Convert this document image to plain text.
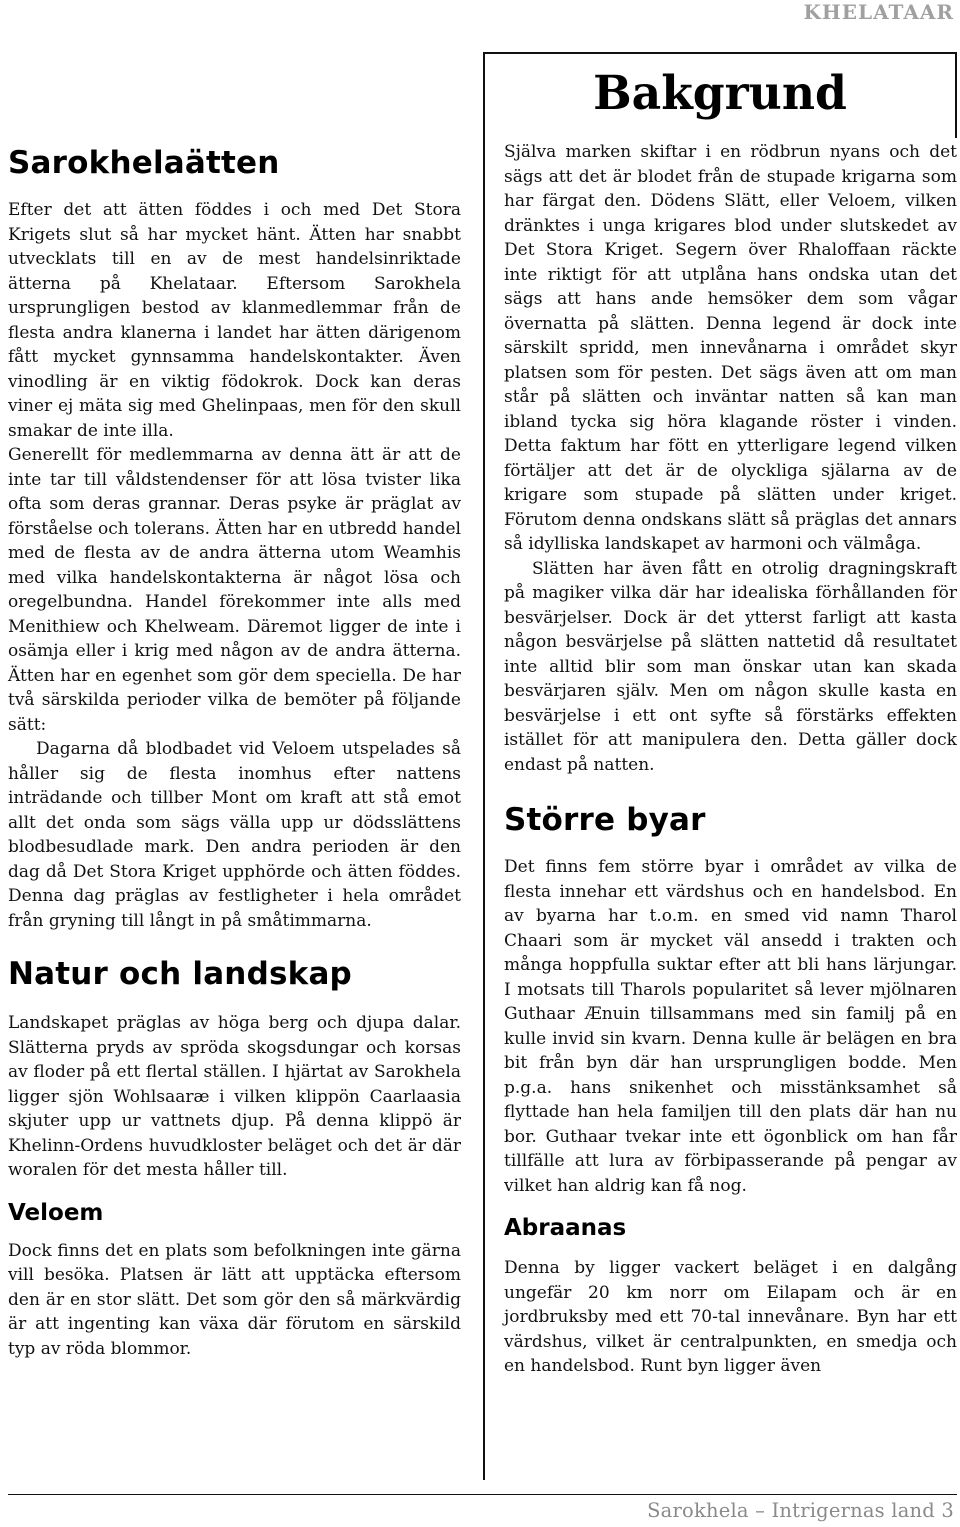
KHELATAAR
Bakgrund
Sarokhelaätten

Efter det att ätten föddes i och med Det Stora Krigets slut så har mycket hänt. Ätten har snabbt utvecklats till en av de mest handelsinriktade ätterna på Khelataar. Eftersom Sarokhela ursprungligen bestod av klanmedlemmar från de flesta andra klanerna i landet har ätten därigenom fått mycket gynnsamma handelskontakter. Även vinodling är en viktig födokrok. Dock kan deras viner ej mäta sig med Ghelinpaas, men för den skull smakar de inte illa.

Generellt för medlemmarna av denna ätt är att de inte tar till våldstendenser för att lösa tvister lika ofta som deras grannar. Deras psyke är präglat av förståelse och tolerans. Ätten har en utbredd handel med de flesta av de andra ätterna utom Weamhis med vilka handelskontakterna är något lösa och oregelbundna. Handel förekommer inte alls med Menithiew och Khelweam. Däremot ligger de inte i osämja eller i krig med någon av de andra ätterna. Ätten har en egenhet som gör dem speciella. De har två särskilda perioder vilka de bemöter på följande sätt:

Dagarna då blodbadet vid Veloem utspelades så håller sig de flesta inomhus efter nattens inträdande och tillber Mont om kraft att stå emot allt det onda som sägs välla upp ur dödsslättens blodbesudlade mark. Den andra perioden är den dag då Det Stora Kriget upphörde och ätten föddes. Denna dag präglas av festligheter i hela området från gryning till långt in på småtimmarna.

Natur och landskap

Landskapet präglas av höga berg och djupa dalar. Slätterna pryds av spröda skogsdungar och korsas av floder på ett flertal ställen. I hjärtat av Sarokhela ligger sjön Wohlsaaræ i vilken klippön Caarlaasia skjuter upp ur vattnets djup. På denna klippö är Khelinn-Ordens huvudkloster beläget och det är där woralen för det mesta håller till.

Veloem

Dock finns det en plats som befolkningen inte gärna vill besöka. Platsen är lätt att upptäcka eftersom den är en stor slätt. Det som gör den så märkvärdig är att ingenting kan växa där förutom en särskild typ av röda blommor.

Själva marken skiftar i en rödbrun nyans och det sägs att det är blodet från de stupade krigarna som har färgat den. Dödens Slätt, eller Veloem, vilken dränktes i unga krigares blod under slutskedet av Det Stora Kriget. Segern över Rhaloffaan räckte inte riktigt för att utplåna hans ondska utan det sägs att hans ande hemsöker dem som vågar övernatta på slätten. Denna legend är dock inte särskilt spridd, men innevånarna i området skyr platsen som för pesten. Det sägs även att om man står på slätten och inväntar natten så kan man ibland tycka sig höra klagande röster i vinden. Detta faktum har fött en ytterligare legend vilken förtäljer att det är de olyckliga själarna av de krigare som stupade på slätten under kriget. Förutom denna ondskans slätt så präglas det annars så idylliska landskapet av harmoni och välmåga.

Slätten har även fått en otrolig dragningskraft på magiker vilka där har idealiska förhållanden för besvärjelser. Dock är det ytterst farligt att kasta någon besvärjelse på slätten nattetid då resultatet inte alltid blir som man önskar utan kan skada besvärjaren själv. Men om någon skulle kasta en besvärjelse i ett ont syfte så förstärks effekten istället för att manipulera den. Detta gäller dock endast på natten.

Större byar

Det finns fem större byar i området av vilka de flesta innehar ett värdshus och en handelsbod. En av byarna har t.o.m. en smed vid namn Tharol Chaari som är mycket väl ansedd i trakten och många hoppfulla suktar efter att bli hans lärjungar. I motsats till Tharols popularitet så lever mjölnaren Guthaar Ænuin tillsammans med sin familj på en kulle invid sin kvarn. Denna kulle är belägen en bra bit från byn där han ursprungligen bodde. Men p.g.a. hans snikenhet och misstänksamhet så flyttade han hela familjen till den plats där han nu bor. Guthaar tvekar inte ett ögonblick om han får tillfälle att lura av förbipasserande på pengar av vilket han aldrig kan få nog.

Abraanas

Denna by ligger vackert beläget i en dalgång ungefär 20 km norr om Eilapam och är en jordbruksby med ett 70-tal innevånare. Byn har ett värdshus, vilket är centralpunkten, en smedja och en handelsbod. Runt byn ligger även

Sarokhela – Intrigernas land 3
